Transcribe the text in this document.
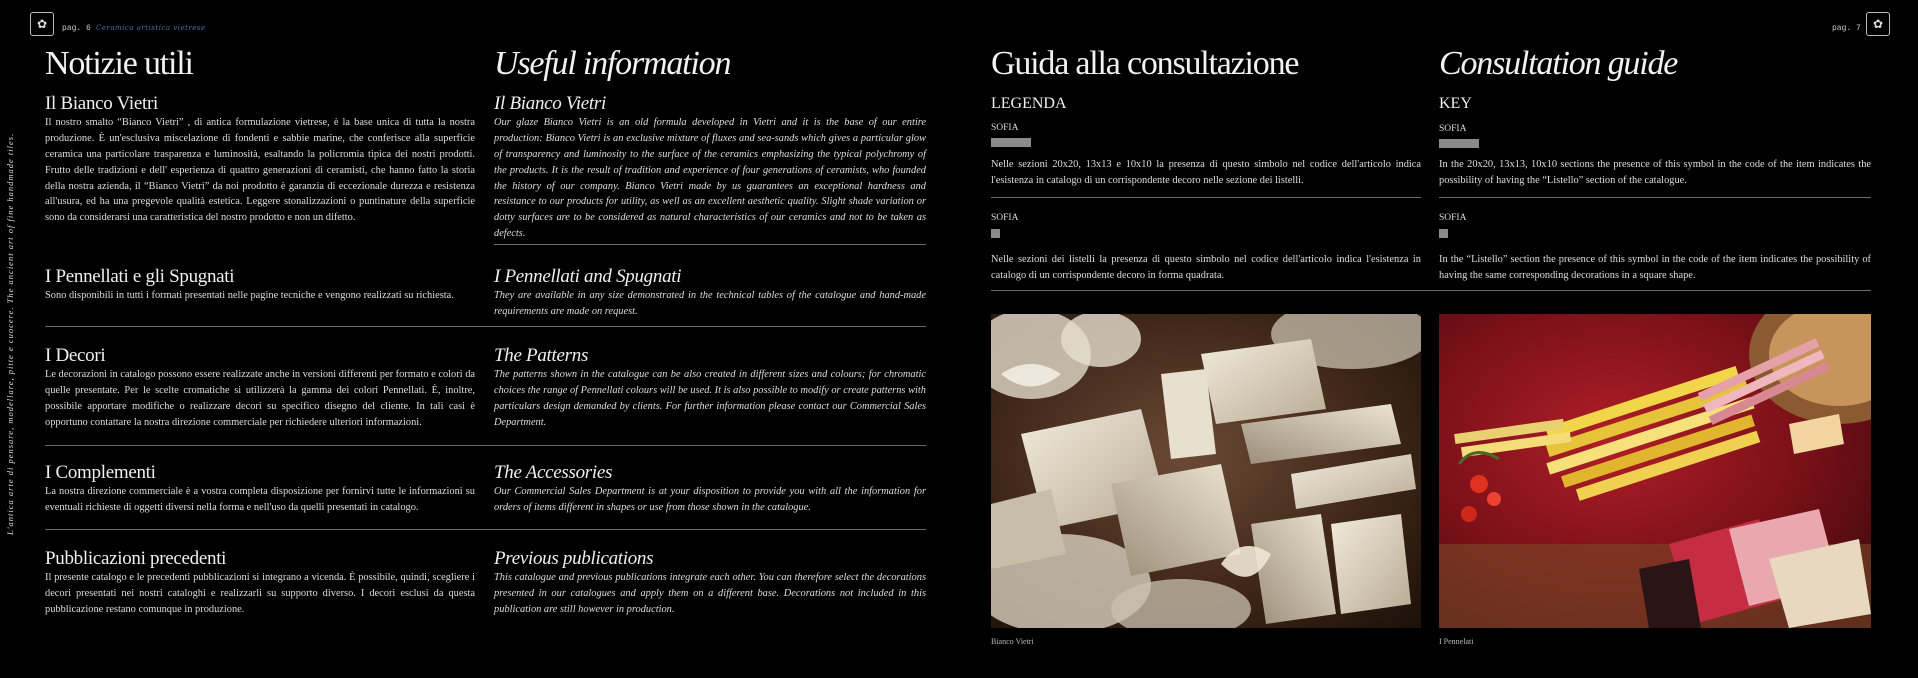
✿	pag. 6 Ceramica artistica vietrese
L'antica arte di pensare, modellare, pitte e cuocere. The ancient art of fine handmade tiles.
Notizie utili
Il Bianco Vietri

Il nostro smalto “Bianco Vietri” , di antica formulazione vietrese, è la base unica di tutta la nostra produzione. È un'esclusiva miscelazione di fondenti e sabbie marine, che conferisce alla superficie ceramica una particolare trasparenza e luminosità, esaltando la policromia tipica dei nostri prodotti. Frutto delle tradizioni e dell' esperienza di quattro generazioni di ceramisti, che hanno fatto la storia della nostra azienda, il “Bianco Vietri” da noi prodotto è garanzia di eccezionale durezza e resistenza all'usura, ed ha una pregevole qualità estetica. Leggere stonalizzazioni o puntinature della superficie sono da considerarsi una caratteristica del nostro prodotto e non un difetto.

I Pennellati e gli Spugnati

Sono disponibili in tutti i formati presentati nelle pagine tecniche e vengono realizzati su richiesta.

I Decori

Le decorazioni in catalogo possono essere realizzate anche in versioni differenti per formato e colori da quelle presentate. Per le scelte cromatiche si utilizzerà la gamma dei colori Pennellati. È, inoltre, possibile apportare modifiche o realizzare decori su specifico disegno del cliente. In tali casi è opportuno contattare la nostra direzione commerciale per richiedere ulteriori informazioni.

I Complementi

La nostra direzione commerciale è a vostra completa disposizione per fornirvi tutte le informazioni su eventuali richieste di oggetti diversi nella forma e nell'uso da quelli presentati in catalogo.

Pubblicazioni precedenti

Il presente catalogo e le precedenti pubblicazioni si integrano a vicenda. È possibile, quindi, scegliere i decori presentati nei nostri cataloghi e realizzarli su supporto diverso. I decori esclusi da questa pubblicazione restano comunque in produzione.

Useful information
Il Bianco Vietri

Our glaze Bianco Vietri is an old formula developed in Vietri and it is the base of our entire production: Bianco Vietri is an exclusive mixture of fluxes and sea-sands which gives a particular glow of transparency and luminosity to the surface of the ceramics emphasizing the typical polychromy of the products. It is the result of tradition and experience of four generations of ceramists, who founded the history of our company. Bianco Vietri made by us guarantees an exceptional hardness and resistance to our products for utility, as well as an excellent aesthetic quality. Slight shade variation or dotty surfaces are to be considered as natural characteristics of our ceramics and not to be taken as defects.

I Pennellati and Spugnati

They are available in any size demonstrated in the technical tables of the catalogue and hand-made requirements are made on request.

The Patterns

The patterns shown in the catalogue can be also created in different sizes and colours; for chromatic choices the range of Pennellati colours will be used. It is also possible to modify or create patterns with particulars design demanded by clients. For further information please contact our Commercial Sales Department.

The Accessories

Our Commercial Sales Department is at your disposition to provide you with all the information for orders of items different in shapes or use from those shown in the catalogue.

Previous publications

This catalogue and previous publications integrate each other. You can therefore select the decorations presented in our catalogues and apply them on a different base. Decorations not included in this publication are still however in production.

pag. 7	✿
Guida alla consultazione
LEGENDA
SOFIA

Nelle sezioni 20x20, 13x13 e 10x10 la presenza di questo simbolo nel codice dell'articolo indica l'esistenza in catalogo di un corrispondente decoro nelle sezione dei listelli.

SOFIA

Nelle sezioni dei listelli la presenza di questo simbolo nel codice dell'articolo indica l'esistenza in catalogo di un corrispondente decoro in forma quadrata.

Consultation guide
KEY
SOFIA

In the 20x20, 13x13, 10x10 sections the presence of this symbol in the code of the item indicates the possibility of having the “Listello” section of the catalogue.

SOFIA

In the “Listello” section the presence of this symbol in the code of the item indicates the possibility of having the same corresponding decorations in a square shape.

Bianco Vietri	I Pennelati
